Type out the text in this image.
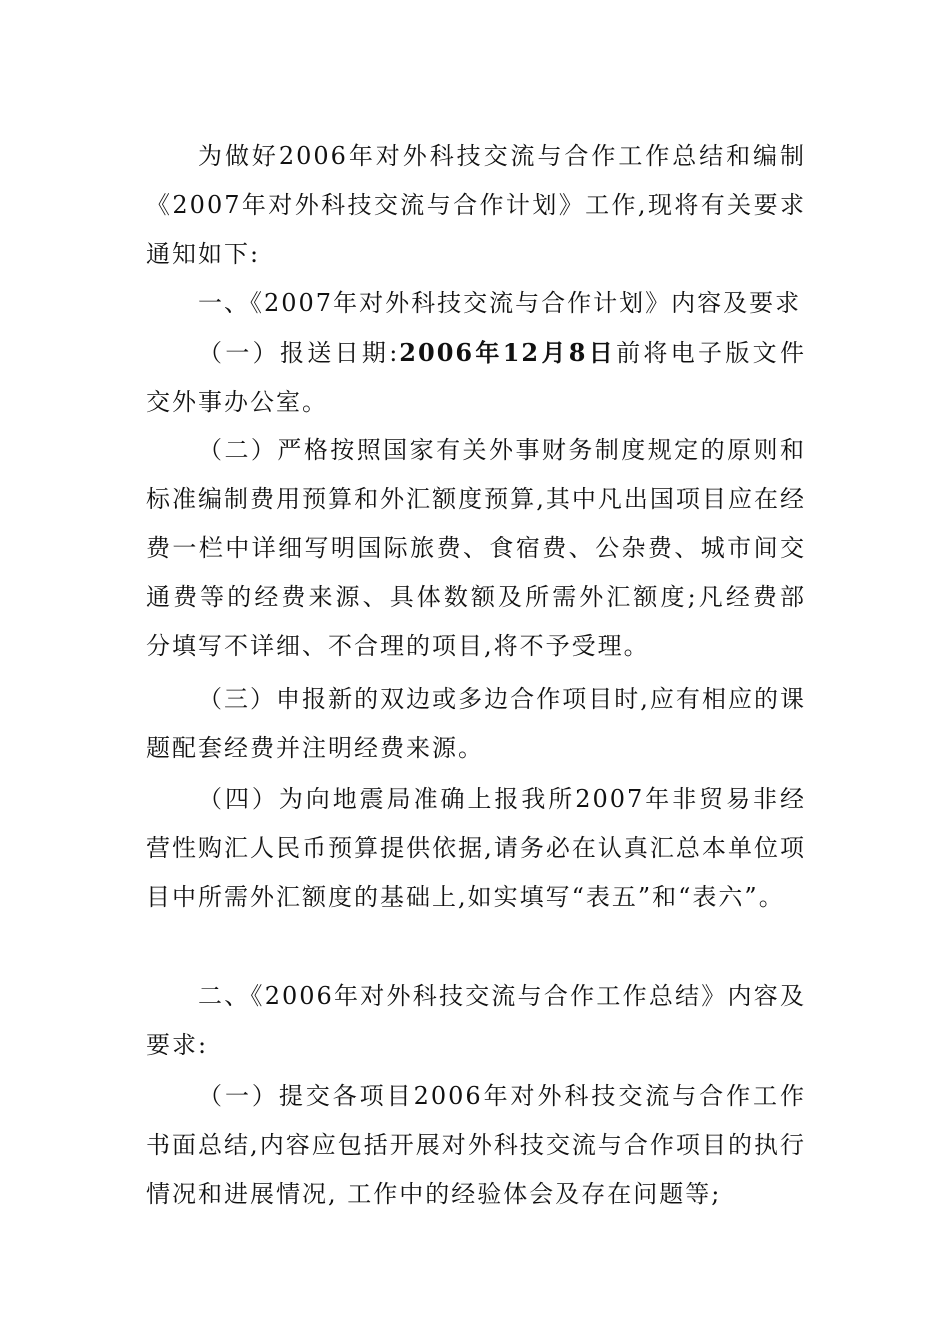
为做好2006年对外科技交流与合作工作总结和编制《2007年对外科技交流与合作计划》工作,现将有关要求通知如下:

一、《2007年对外科技交流与合作计划》内容及要求

（一）报送日期:2006年12月8日前将电子版文件交外事办公室。

（二）严格按照国家有关外事财务制度规定的原则和标准编制费用预算和外汇额度预算,其中凡出国项目应在经费一栏中详细写明国际旅费、食宿费、公杂费、城市间交通费等的经费来源、具体数额及所需外汇额度;凡经费部分填写不详细、不合理的项目,将不予受理。

（三）申报新的双边或多边合作项目时,应有相应的课题配套经费并注明经费来源。

（四）为向地震局准确上报我所2007年非贸易非经营性购汇人民币预算提供依据,请务必在认真汇总本单位项目中所需外汇额度的基础上,如实填写“表五”和“表六”。

二、《2006年对外科技交流与合作工作总结》内容及要求:

（一）提交各项目2006年对外科技交流与合作工作书面总结,内容应包括开展对外科技交流与合作项目的执行情况和进展情况, 工作中的经验体会及存在问题等;
